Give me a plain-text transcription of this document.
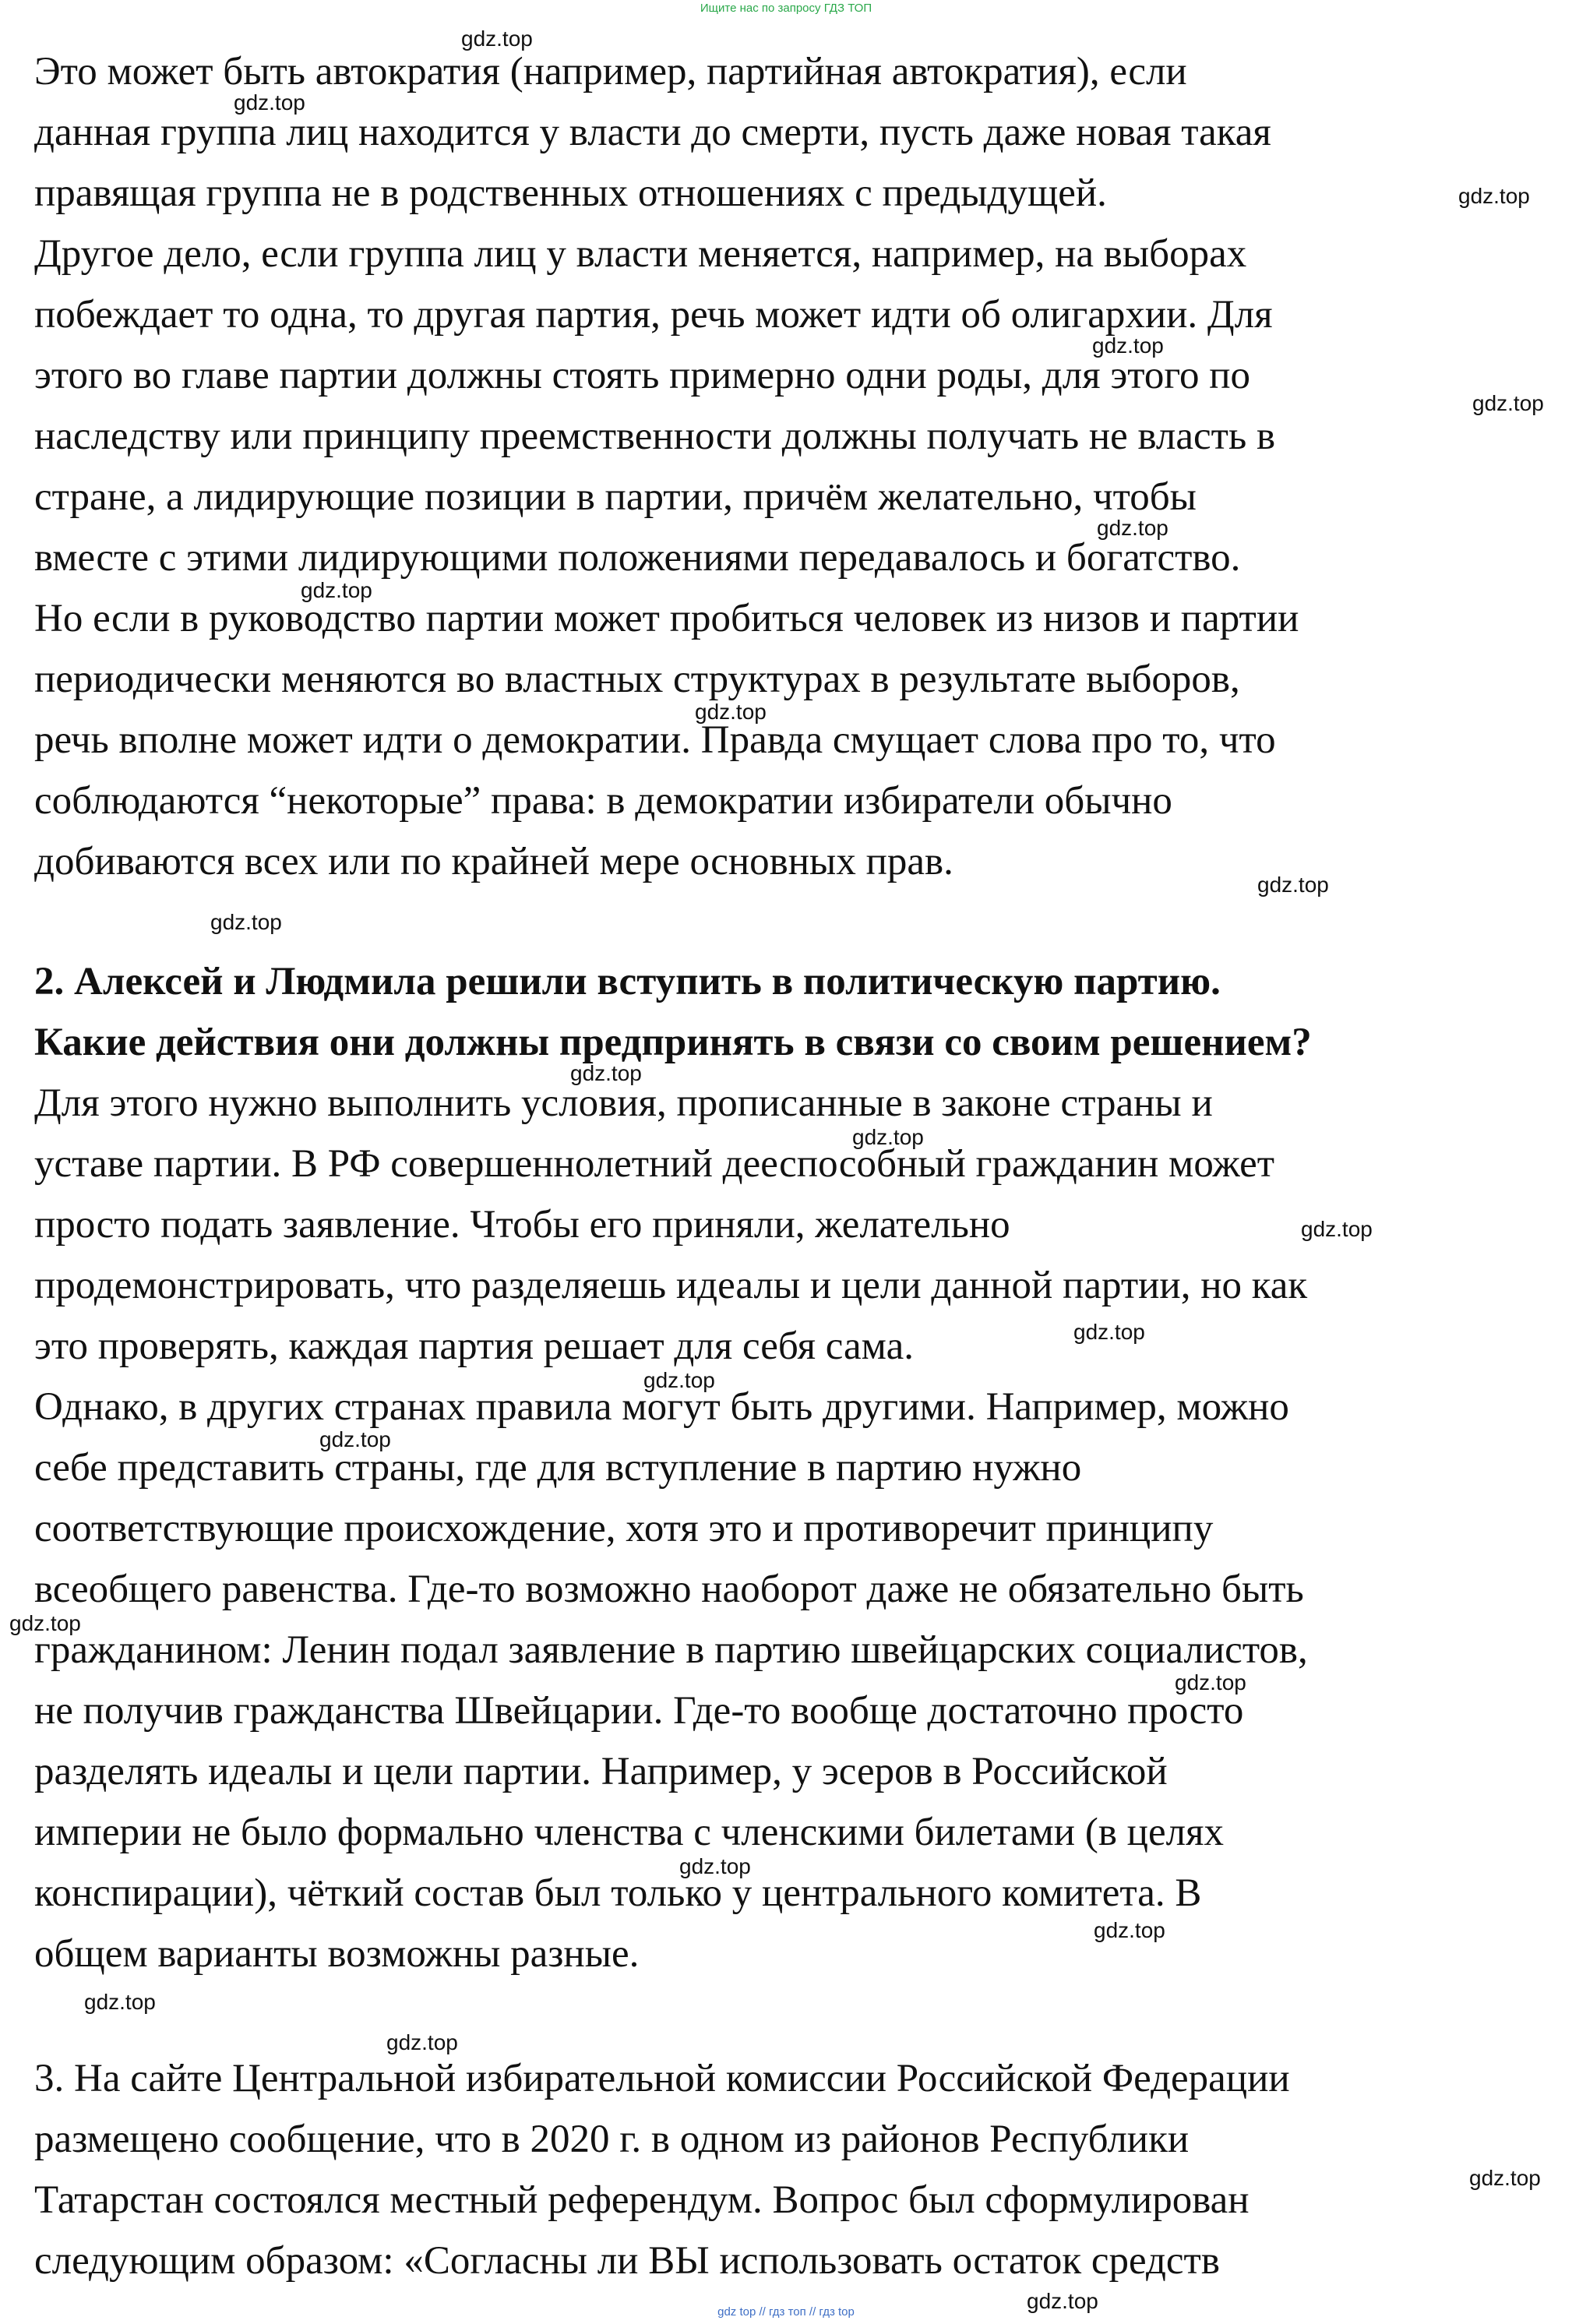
Ищите нас по запросу ГДЗ ТОП

Это может быть автократия (например, партийная автократия), если

данная группа лиц находится у власти до смерти, пусть даже новая такая

правящая группа не в родственных отношениях с предыдущей.

Другое дело, если группа лиц у власти меняется, например, на выборах

побеждает то одна, то другая партия, речь может идти об олигархии. Для

этого во главе партии должны стоять примерно одни роды, для этого по

наследству или принципу преемственности должны получать не власть в

стране, а лидирующие позиции в партии, причём желательно, чтобы

вместе с этими лидирующими положениями передавалось и богатство.

Но если в руководство партии может пробиться человек из низов и партии

периодически меняются во властных структурах в результате выборов,

речь вполне может идти о демократии. Правда смущает слова про то, что

соблюдаются “некоторые” права: в демократии избиратели обычно

добиваются всех или по крайней мере основных прав.

2. Алексей и Людмила решили вступить в политическую партию.

Какие действия они должны предпринять в связи со своим решением?

Для этого нужно выполнить условия, прописанные в законе страны и

уставе партии. В РФ совершеннолетний дееспособный гражданин может

просто подать заявление. Чтобы его приняли, желательно

продемонстрировать, что разделяешь идеалы и цели данной партии, но как

это проверять, каждая партия решает для себя сама.

Однако, в других странах правила могут быть другими. Например, можно

себе представить страны, где для вступление в партию нужно

соответствующие происхождение, хотя это и противоречит принципу

всеобщего равенства. Где-то возможно наоборот даже не обязательно быть

гражданином: Ленин подал заявление в партию швейцарских социалистов,

не получив гражданства Швейцарии. Где-то вообще достаточно просто

разделять идеалы и цели партии. Например, у эсеров в Российской

империи не было формально членства с членскими билетами (в целях

конспирации), чёткий состав был только у центрального комитета. В

общем варианты возможны разные.

3. На сайте Центральной избирательной комиссии Российской Федерации

размещено сообщение, что в 2020 г. в одном из районов Республики

Татарстан состоялся местный референдум. Вопрос был сформулирован

следующим образом: «Согласны ли ВЫ использовать остаток средств

gdz.top
gdz.top
gdz.top
gdz.top
gdz.top
gdz.top
gdz.top
gdz.top
gdz.top
gdz.top
gdz.top
gdz.top
gdz.top
gdz.top
gdz.top
gdz.top
gdz.top
gdz.top
gdz.top
gdz.top
gdz.top
gdz.top
gdz.top
gdz.top
gdz top // гдз топ // гдз top
